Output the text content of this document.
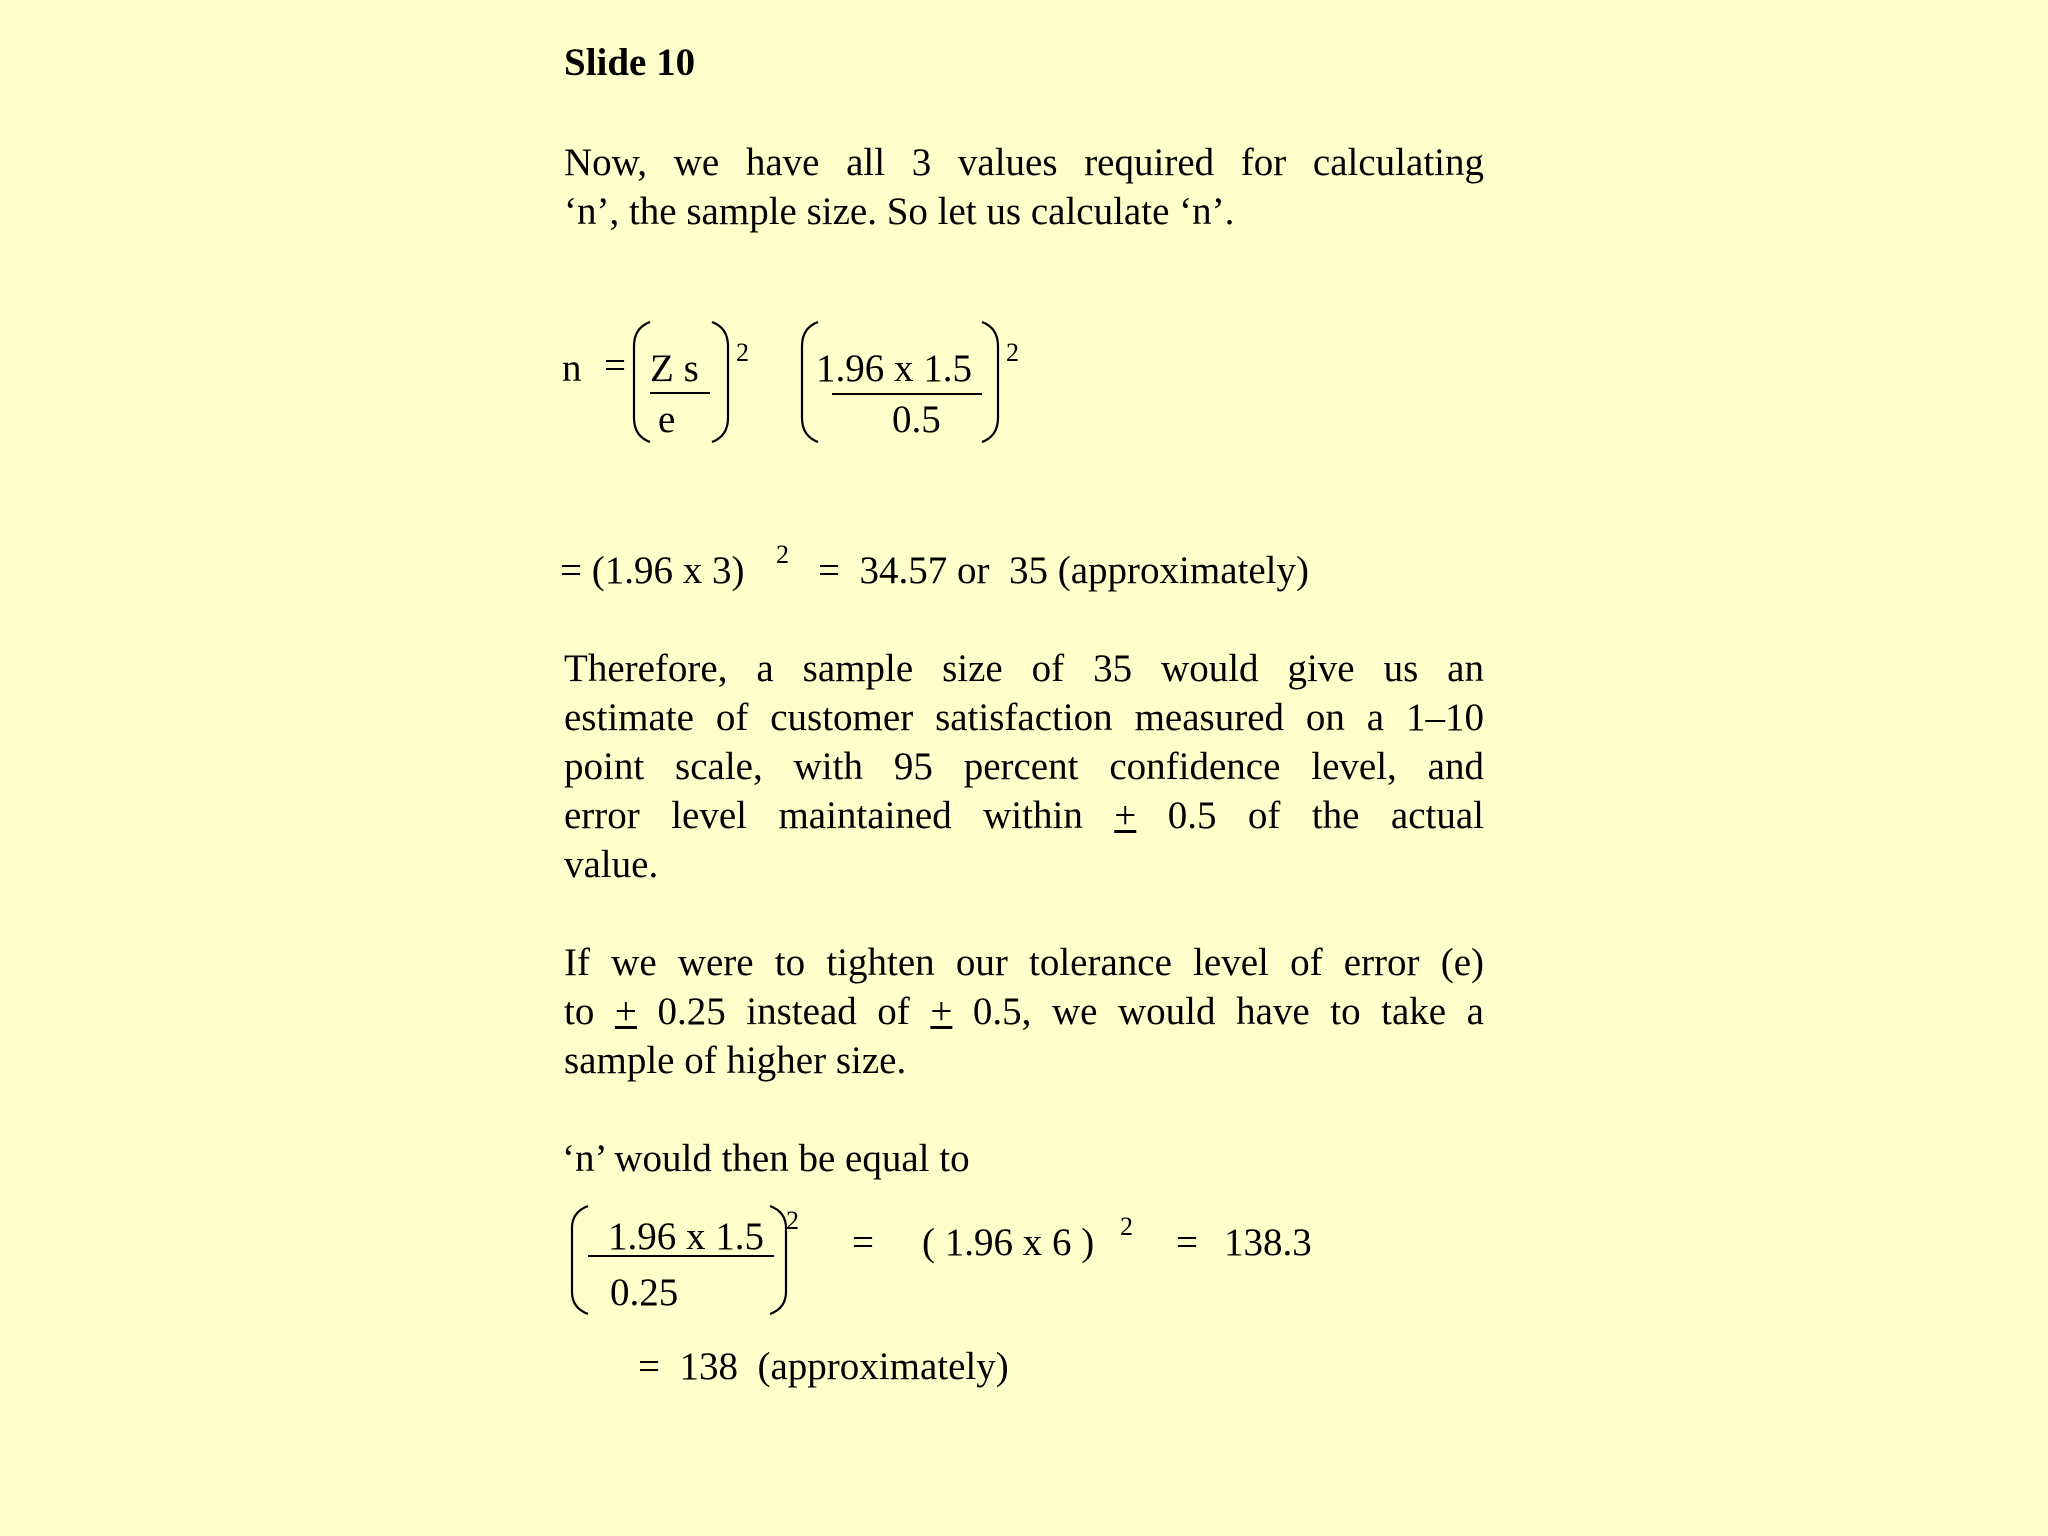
Slide 10
Now, we have all 3 values required for calculating
‘n’, the sample size. So let us calculate ‘n’.
n = Z s
e
2 1.96 x 1.5
0.5
2
= (1.96 x 3) 2 =  34.57 or  35 (approximately)
Therefore, a sample size of 35 would give us an
estimate of customer satisfaction measured on a 1–10
point scale, with 95 percent confidence level, and
error level maintained within + 0.5 of the actual
value.
If we were to tighten our tolerance level of error (e)
to + 0.25 instead of + 0.5, we would have to take a
sample of higher size.
‘n’ would then be equal to
1.96 x 1.5
0.25
2
= ( 1.96 x 6 ) 2 = 138.3
=  138  (approximately)
